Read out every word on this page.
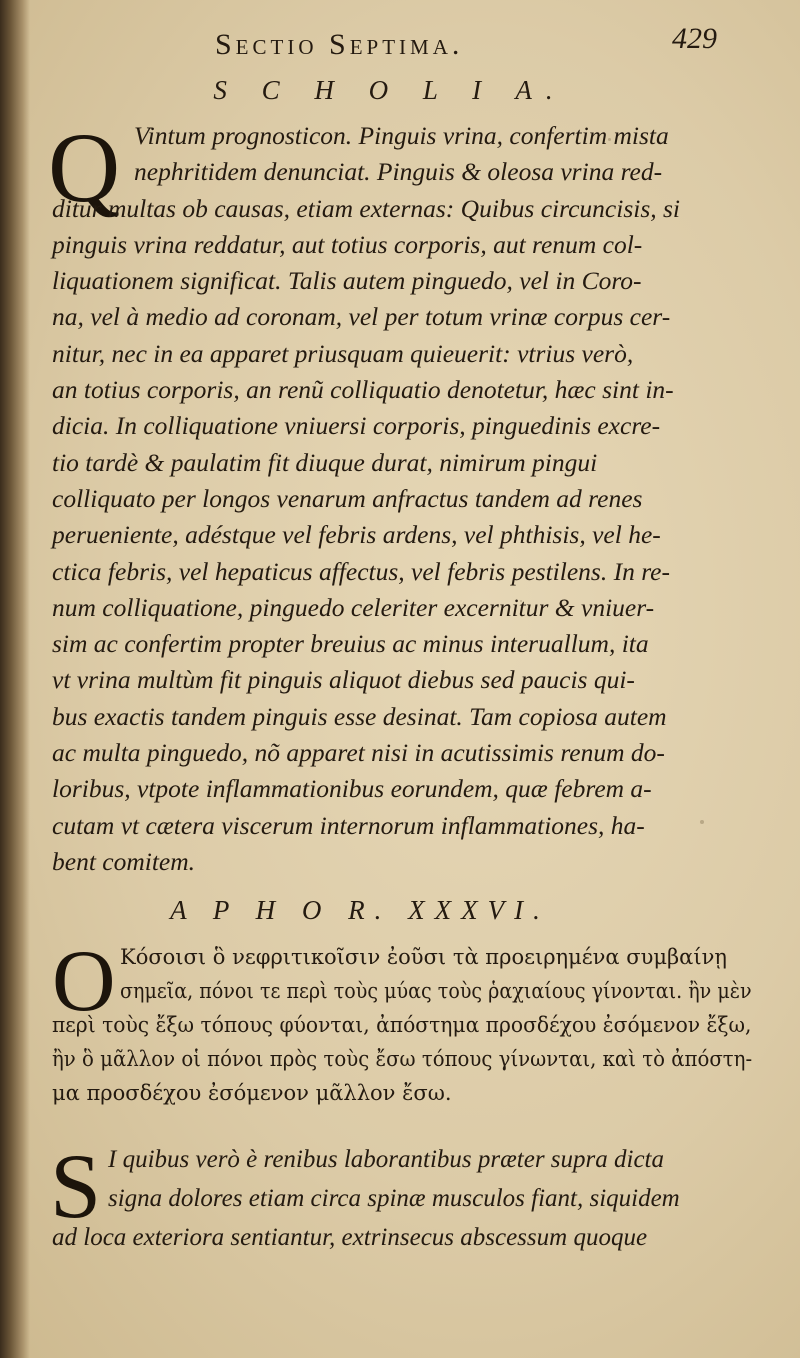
Sectio Septima.	429
S C H O L I A.
Q Vintum prognosticon. Pinguis vrina, confertim mista
nephritidem denunciat. Pinguis & oleosa vrina red-
ditur multas ob causas, etiam externas: Quibus circuncisis, si
pinguis vrina reddatur, aut totius corporis, aut renum col-
liquationem significat. Talis autem pinguedo, vel in Coro-
na, vel à medio ad coronam, vel per totum vrinæ corpus cer-
nitur, nec in ea apparet priusquam quieuerit: vtrius verò,
an totius corporis, an renũ colliquatio denotetur, hæc sint in-
dicia. In colliquatione vniuersi corporis, pinguedinis excre-
tio tardè & paulatim fit diuque durat, nimirum pingui
colliquato per longos venarum anfractus tandem ad renes
perueniente, adéstque vel febris ardens, vel phthisis, vel he-
ctica febris, vel hepaticus affectus, vel febris pestilens. In re-
num colliquatione, pinguedo celeriter excernitur & vniuer-
sim ac confertim propter breuius ac minus interuallum, ita
vt vrina multùm fit pinguis aliquot diebus sed paucis qui-
bus exactis tandem pinguis esse desinat. Tam copiosa autem
ac multa pinguedo, nõ apparet nisi in acutissimis renum do-
loribus, vtpote inflammationibus eorundem, quæ febrem a-
cutam vt cætera viscerum internorum inflammationes, ha-
bent comitem.
A P H O R. XXXVI.
O Κόσοισι ὃ νεφριτικοῖσιν ἐοῦσι τὰ προειρημένα συμβαίνῃ
σημεῖα, πόνοι τε περὶ τοὺς μύας τοὺς ῥαχιαίους γίνονται. ἢν μὲν
περὶ τοὺς ἔξω τόπους φύονται, ἀπόστημα προσδέχου ἐσόμενον ἔξω,
ἢν ὃ μᾶλλον οἱ πόνοι πρὸς τοὺς ἔσω τόπους γίνωνται, καὶ τὸ ἀπόστη-
μα προσδέχου ἐσόμενον μᾶλλον ἔσω.
S I quibus verò è renibus laborantibus præter supra dicta
signa dolores etiam circa spinæ musculos fiant, siquidem
ad loca exteriora sentiantur, extrinsecus abscessum quoque
